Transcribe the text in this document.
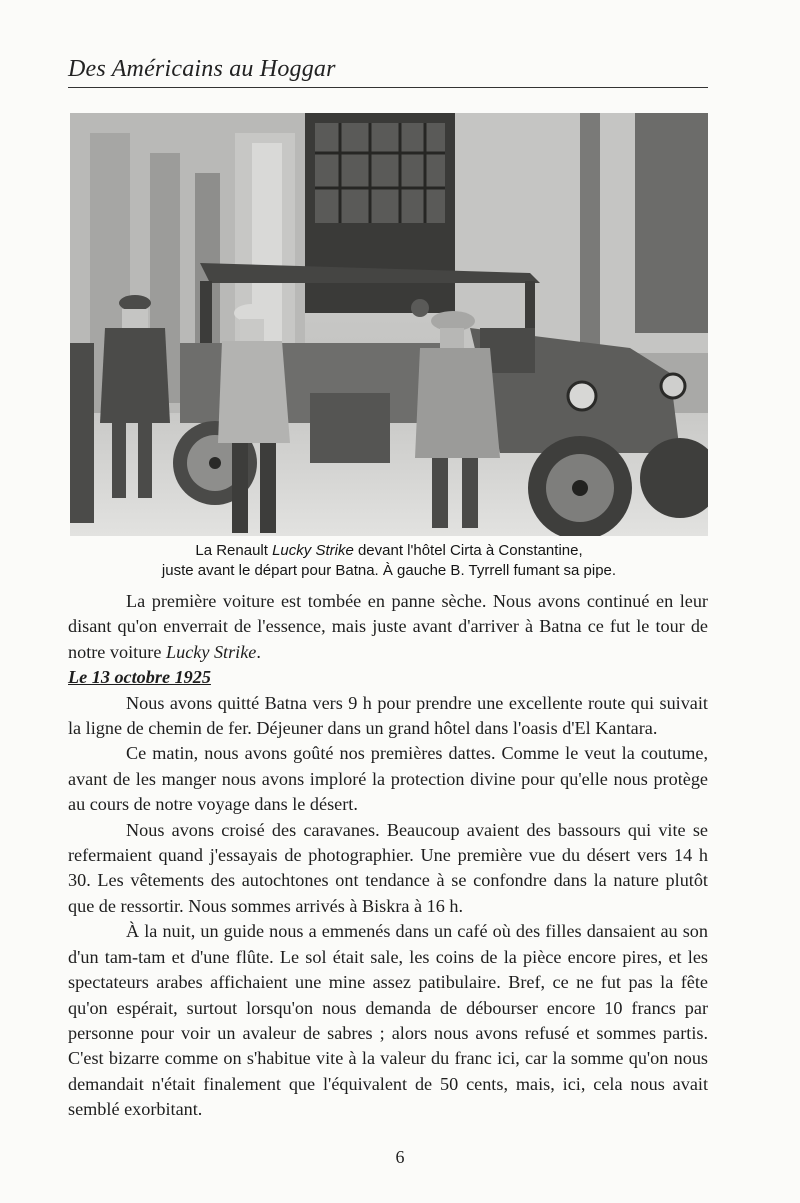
Des Américains au Hoggar
La Renault Lucky Strike devant l'hôtel Cirta à Constantine,
juste avant le départ pour Batna. À gauche B. Tyrrell fumant sa pipe.

La première voiture est tombée en panne sèche. Nous avons continué en leur disant qu'on enverrait de l'essence, mais juste avant d'arriver à Batna ce fut le tour de notre voiture Lucky Strike.

Le 13 octobre 1925

Nous avons quitté Batna vers 9 h pour prendre une excellente route qui suivait la ligne de chemin de fer. Déjeuner dans un grand hôtel dans l'oasis d'El Kantara.

Ce matin, nous avons goûté nos premières dattes. Comme le veut la coutume, avant de les manger nous avons imploré la protection divine pour qu'elle nous protège au cours de notre voyage dans le désert.

Nous avons croisé des caravanes. Beaucoup avaient des bassours qui vite se refermaient quand j'essayais de photographier. Une première vue du désert vers 14 h 30. Les vêtements des autochtones ont tendance à se confondre dans la nature plutôt que de ressortir. Nous sommes arrivés à Biskra à 16 h.

À la nuit, un guide nous a emmenés dans un café où des filles dansaient au son d'un tam-tam et d'une flûte. Le sol était sale, les coins de la pièce encore pires, et les spectateurs arabes affichaient une mine assez patibulaire. Bref, ce ne fut pas la fête qu'on espérait, surtout lorsqu'on nous demanda de débourser encore 10 francs par personne pour voir un avaleur de sabres ; alors nous avons refusé et sommes partis. C'est bizarre comme on s'habitue vite à la valeur du franc ici, car la somme qu'on nous demandait n'était finalement que l'équivalent de 50 cents, mais, ici, cela nous avait semblé exorbitant.

6
